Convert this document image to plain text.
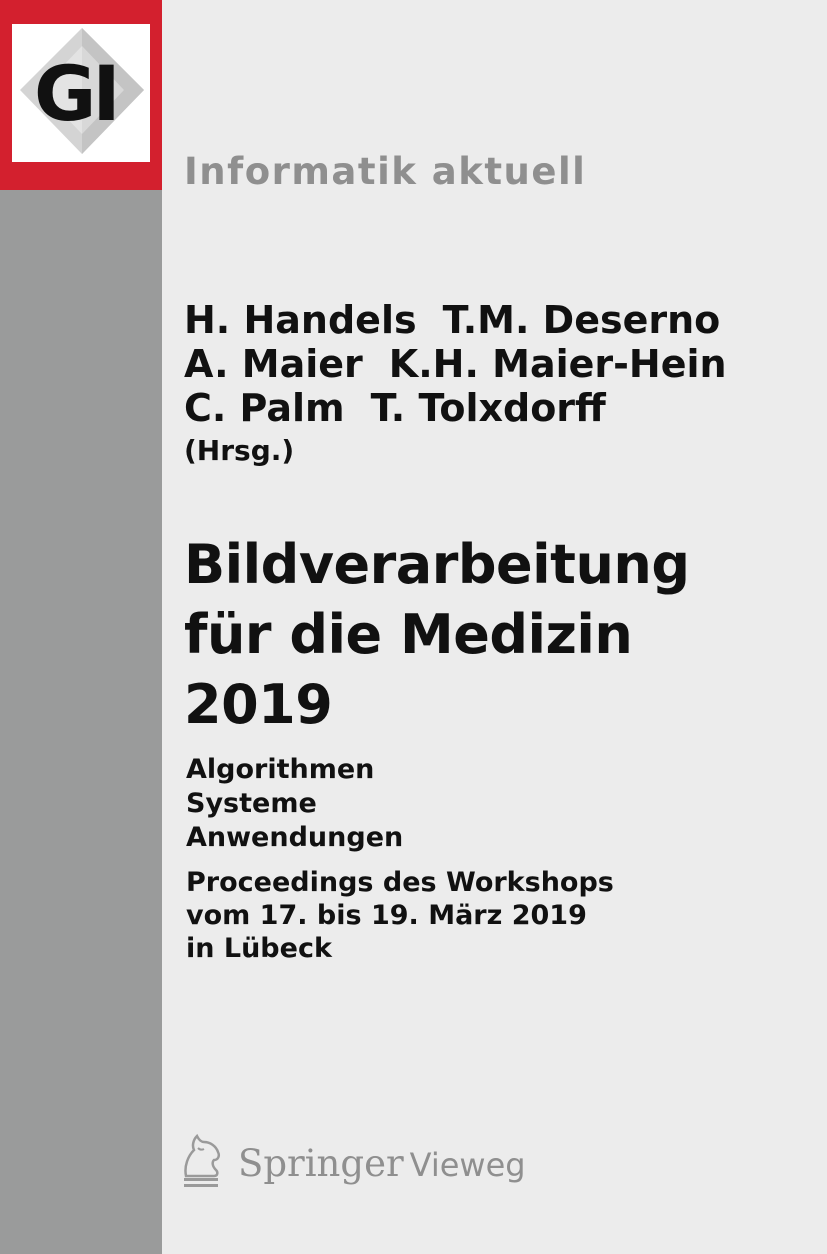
GI
Informatik aktuell
H. Handels T.M. Deserno
A. Maier K.H. Maier-Hein
C. Palm T. Tolxdorff
(Hrsg.)
Bildverarbeitung
für die Medizin
2019
Algorithmen
Systeme
Anwendungen
Proceedings des Workshops
vom 17. bis 19. März 2019
in Lübeck
Springer Vieweg
